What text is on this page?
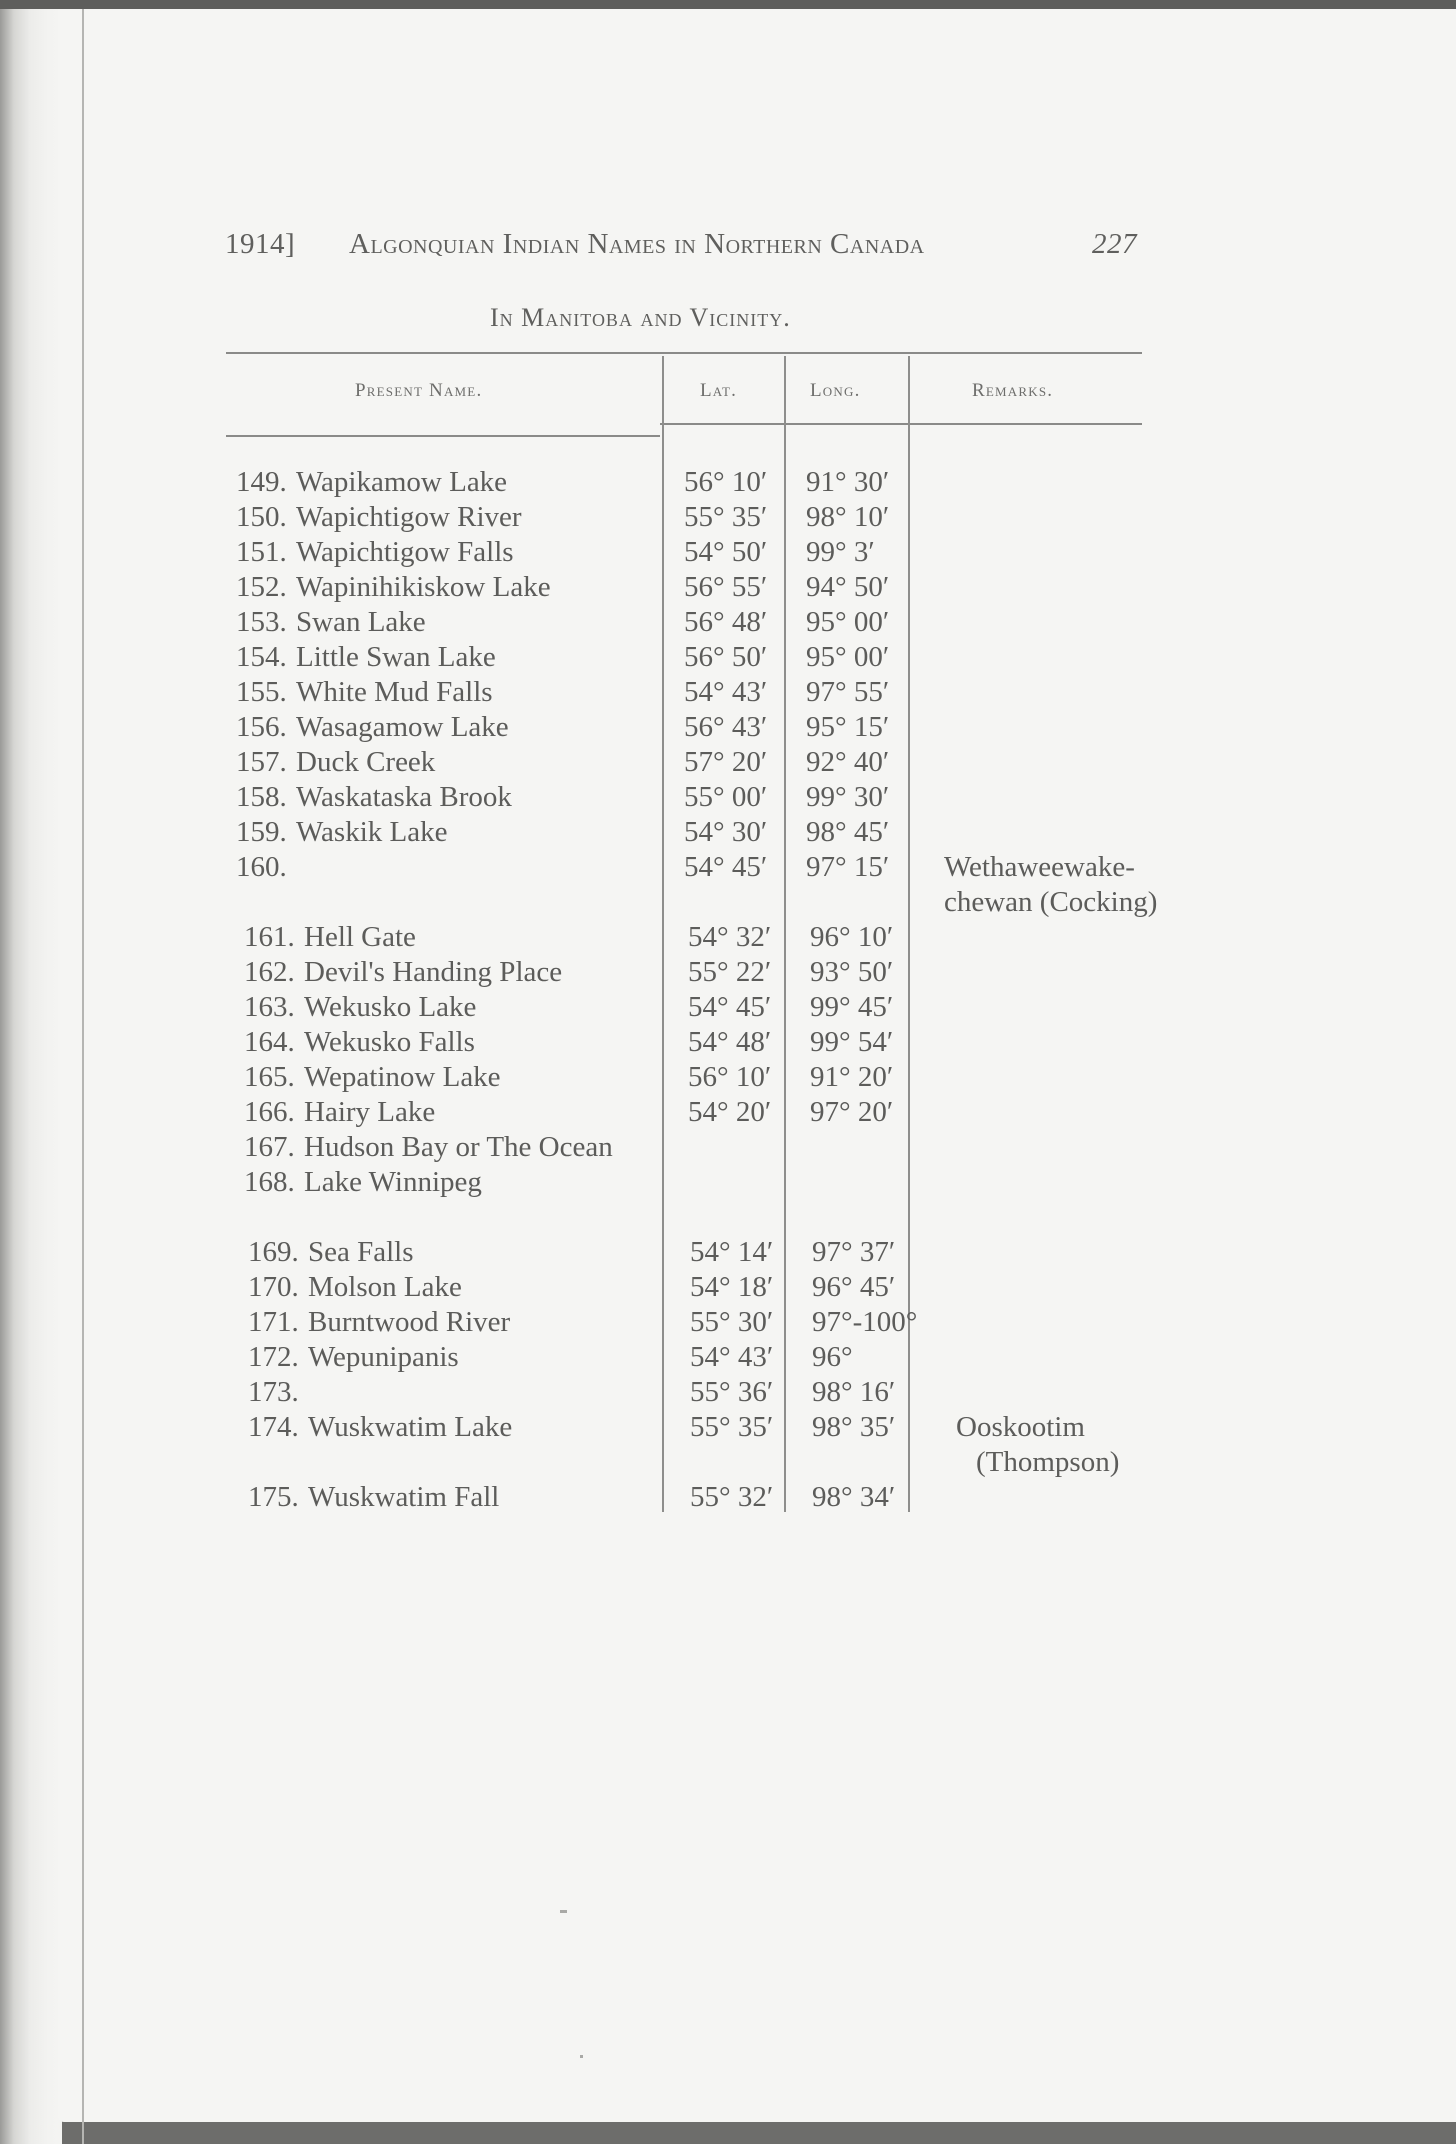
1914] Algonquian Indian Names in Northern Canada	227
In Manitoba and Vicinity.
Present Name.	Lat.	Long.	Remarks.
149. Wapikamow Lake	56° 10′ 91° 30′
150. Wapichtigow River	55° 35′ 98° 10′
151. Wapichtigow Falls	54° 50′ 99° 3′
152. Wapinihikiskow Lake	56° 55′ 94° 50′
153. Swan Lake	56° 48′ 95° 00′
154. Little Swan Lake	56° 50′ 95° 00′
155. White Mud Falls	54° 43′ 97° 55′
156. Wasagamow Lake	56° 43′ 95° 15′
157. Duck Creek	57° 20′ 92° 40′
158. Waskataska Brook	55° 00′ 99° 30′
159. Waskik Lake	54° 30′ 98° 45′
160.	54° 45′ 97° 15′ Wethaweewake-
chewan (Cocking)
161. Hell Gate	54° 32′ 96° 10′
162. Devil's Handing Place	55° 22′ 93° 50′
163. Wekusko Lake	54° 45′ 99° 45′
164. Wekusko Falls	54° 48′ 99° 54′
165. Wepatinow Lake	56° 10′ 91° 20′
166. Hairy Lake	54° 20′ 97° 20′
167. Hudson Bay or The Ocean
168. Lake Winnipeg
169. Sea Falls	54° 14′ 97° 37′
170. Molson Lake	54° 18′ 96° 45′
171. Burntwood River	55° 30′ 97°-100°
172. Wepunipanis	54° 43′ 96°
173.	55° 36′ 98° 16′
174. Wuskwatim Lake	55° 35′ 98° 35′ Ooskootim
(Thompson)
175. Wuskwatim Fall	55° 32′ 98° 34′
